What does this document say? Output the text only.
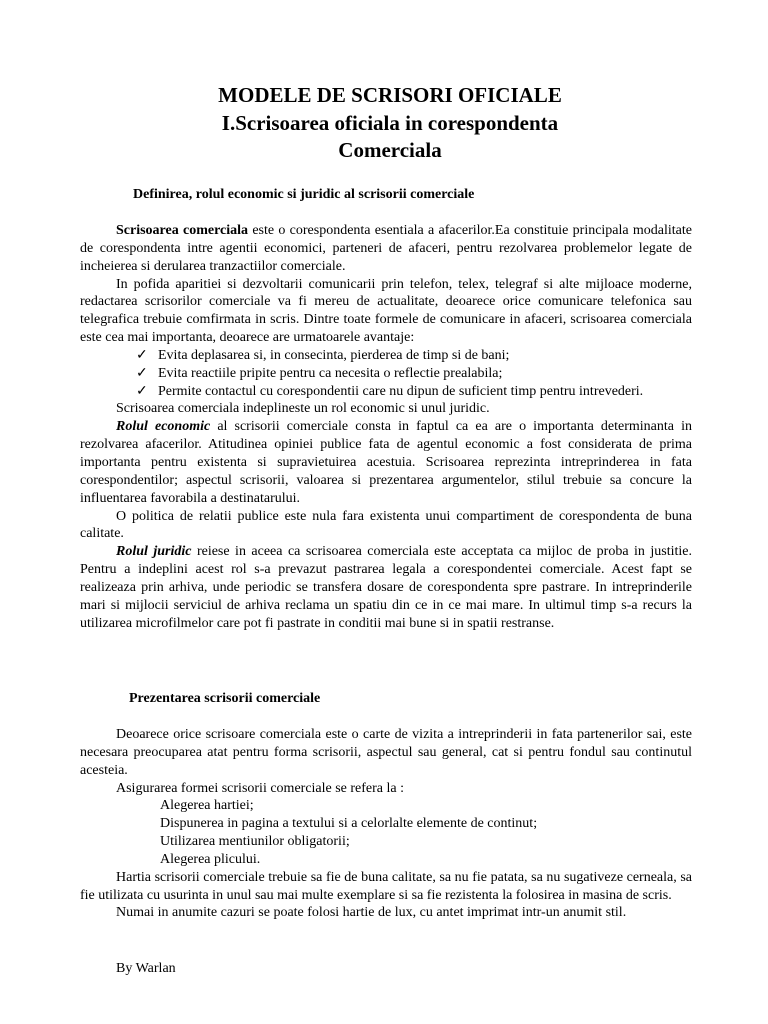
MODELE DE SCRISORI OFICIALE
I.Scrisoarea oficiala in corespondenta
Comerciala
Definirea, rolul economic si juridic al scrisorii comerciale

Scrisoarea comerciala este o corespondenta esentiala a afacerilor.Ea constituie principala modalitate de corespondenta intre agentii economici, parteneri de afaceri, pentru rezolvarea problemelor legate de incheierea si derularea tranzactiilor comerciale.

In pofida aparitiei si dezvoltarii comunicarii prin telefon, telex, telegraf si alte mijloace moderne, redactarea scrisorilor comerciale va fi mereu de actualitate, deoarece orice comunicare telefonica sau telegrafica trebuie comfirmata in scris. Dintre toate formele de comunicare in afaceri, scrisoarea comerciala este cea mai importanta, deoarece are urmatoarele avantaje:

✓ Evita deplasarea si, in consecinta, pierderea de timp si de bani;
✓ Evita reactiile pripite pentru ca necesita o reflectie prealabila;
✓ Permite contactul cu corespondentii care nu dipun de suficient timp pentru intrevederi.

Scrisoarea comerciala indeplineste un rol economic si unul juridic.

Rolul economic al scrisorii comerciale consta in faptul ca ea are o importanta determinanta in rezolvarea afacerilor. Atitudinea opiniei publice fata de agentul economic a fost considerata de prima importanta pentru existenta si supravietuirea acestuia. Scrisoarea reprezinta intreprinderea in fata corespondentilor; aspectul scrisorii, valoarea si prezentarea argumentelor, stilul trebuie sa concure la influentarea favorabila a destinatarului.

O politica de relatii publice este nula fara existenta unui compartiment de corespondenta de buna calitate.

Rolul juridic reiese in aceea ca scrisoarea comerciala este acceptata ca mijloc de proba in justitie. Pentru a indeplini acest rol s-a prevazut pastrarea legala a corespondentei comerciale. Acest fapt se realizeaza prin arhiva, unde periodic se transfera dosare de corespondenta spre pastrare. In intreprinderile mari si mijlocii serviciul de arhiva reclama un spatiu din ce in ce mai mare. In ultimul timp s-a recurs la utilizarea microfilmelor care pot fi pastrate in conditii mai bune si in spatii restranse.

Prezentarea scrisorii comerciale

Deoarece orice scrisoare comerciala este o carte de vizita a intreprinderii in fata partenerilor sai, este necesara preocuparea atat pentru forma scrisorii, aspectul sau general, cat si pentru fondul sau continutul acesteia.

Asigurarea formei scrisorii comerciale se refera la :

Alegerea hartiei;
Dispunerea in pagina a textului si a celorlalte elemente de continut;
Utilizarea mentiunilor obligatorii;
Alegerea plicului.

Hartia scrisorii comerciale trebuie sa fie de buna calitate, sa nu fie patata, sa nu sugativeze cerneala, sa fie utilizata cu usurinta in unul sau mai multe exemplare si sa fie rezistenta la folosirea in masina de scris.

Numai in anumite cazuri se poate folosi hartie de lux, cu antet imprimat intr-un anumit stil.

By Warlan
